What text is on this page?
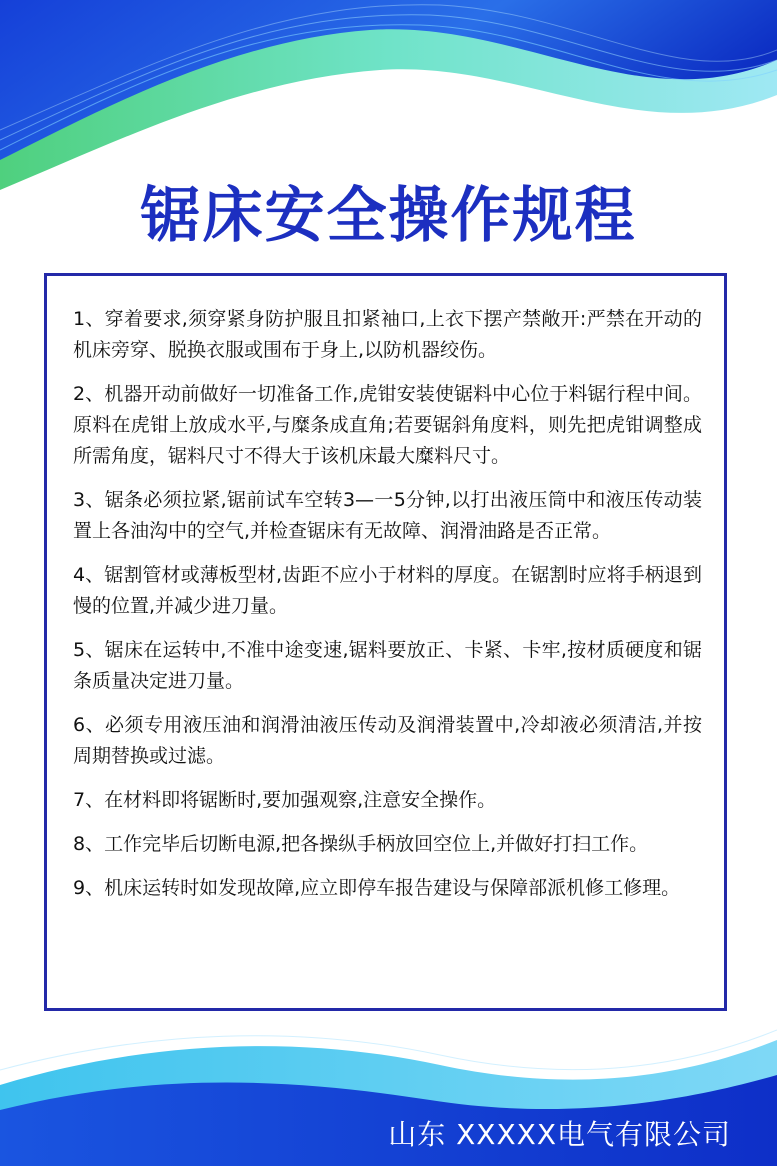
锯床安全操作规程
1、穿着要求,须穿紧身防护服且扣紧袖口,上衣下摆产禁敞开:严禁在开动的机床旁穿、脱换衣服或围布于身上,以防机器绞伤。
2、机器开动前做好一切准备工作,虎钳安装使锯料中心位于料锯行程中间。原料在虎钳上放成水平,与糜条成直角;若要锯斜角度料，则先把虎钳调整成所需角度，锯料尺寸不得大于该机床最大糜料尺寸。
3、锯条必须拉紧,锯前试车空转3—一5分钟,以打出液压筒中和液压传动装置上各油沟中的空气,并检查锯床有无故障、润滑油路是否正常。
4、锯割管材或薄板型材,齿距不应小于材料的厚度。在锯割时应将手柄退到慢的位置,并减少进刀量。
5、锯床在运转中,不准中途变速,锯料要放正、卡紧、卡牢,按材质硬度和锯条质量决定进刀量。
6、必须专用液压油和润滑油液压传动及润滑装置中,冷却液必须清洁,并按周期替换或过滤。
7、在材料即将锯断时,要加强观察,注意安全操作。
8、工作完毕后切断电源,把各操纵手柄放回空位上,并做好打扫工作。
9、机床运转时如发现故障,应立即停车报告建设与保障部派机修工修理。
山东 XXXXX电气有限公司
